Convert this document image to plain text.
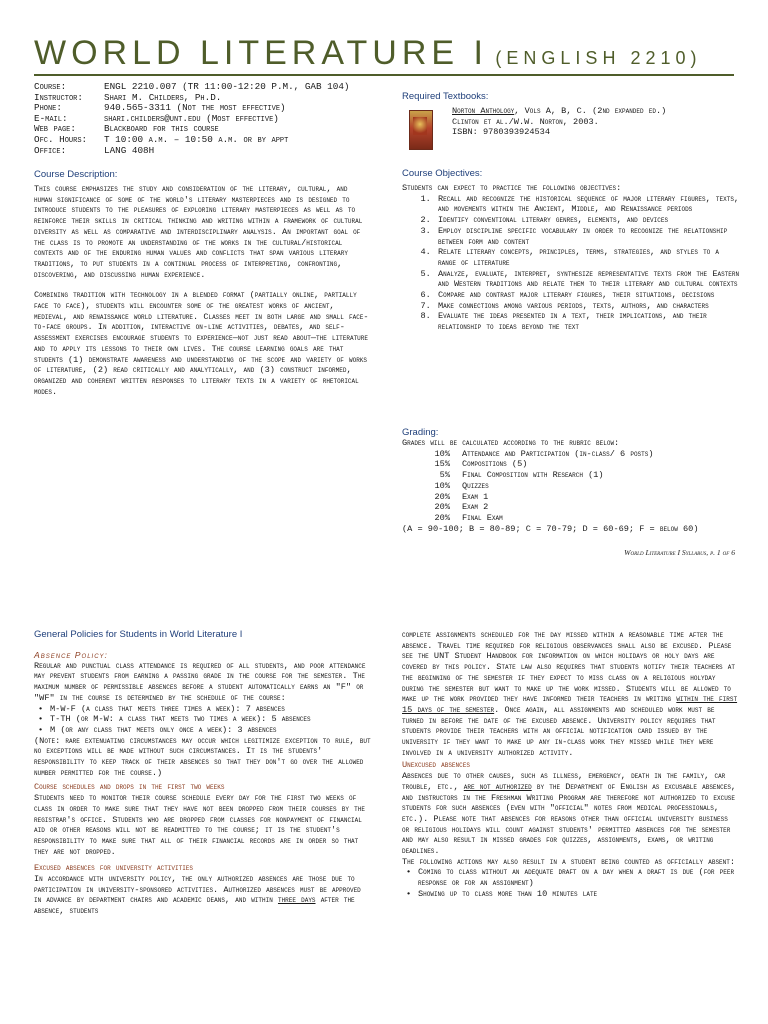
WORLD LITERATURE I (ENGLISH 2210)
Course:	ENGL 2210.007 (TR 11:00-12:20 P.M., GAB 104)
Instructor:	Shari M. Childers, Ph.D.
Phone:	940.565-3311 (Not the most effective)
E-mail:	shari.childers@unt.edu (Most effective)
Web page:	Blackboard for this course
Ofc. Hours:	T 10:00 a.m. – 10:50 a.m. or by appt
Office:	LANG 408H
Required Textbooks:
Norton Anthology, Vols A, B, C. (2nd expanded ed.)
Clinton et al./W.W. Norton, 2003.
ISBN: 9780393924534
Course Description:

This course emphasizes the study and consideration of the literary, cultural, and human significance of some of the world's literary masterpieces and is designed to introduce students to the pleasures of exploring literary masterpieces as well as to reinforce their skills in critical thinking and writing within a framework of cultural diversity as well as comparative and interdisciplinary analysis. An important goal of the class is to promote an understanding of the works in the cultural/historical contexts and of the enduring human values and conflicts that span various literary traditions, to put students in a continual process of interpreting, confronting, discovering, and discussing human experience.

Combining tradition with technology in a blended format (partially online, partially face to face), students will encounter some of the greatest works of ancient, medieval, and renaissance world literature. Classes meet in both large and small face-to-face groups. In addition, interactive on-line activities, debates, and self-assessment exercises encourage students to experience—not just read about—the literature and to apply its lessons to their own lives. The course learning goals are that students (1) demonstrate awareness and understanding of the scope and variety of works of literature, (2) read critically and analytically, and (3) construct informed, organized and coherent written responses to literary texts in a variety of rhetorical modes.

Course Objectives:
Students can expect to practice the following objectives:
1. Recall and recognize the historical sequence of major literary figures, texts, and movements within the Ancient, Middle, and Renaissance periods
2. Identify conventional literary genres, elements, and devices
3. Employ discipline specific vocabulary in order to recognize the relationship between form and content
4. Relate literary concepts, principles, terms, strategies, and styles to a range of literature
5. Analyze, evaluate, interpret, synthesize representative texts from the Eastern and Western traditions and relate them to their literary and cultural contexts
6. Compare and contrast major literary figures, their situations, decisions
7. Make connections among various periods, texts, authors, and characters
8. Evaluate the ideas presented in a text, their implications, and their relationship to ideas beyond the text
Grading:
Grades will be calculated according to the rubric below:
10% Attendance and Participation (in-class/ 6 posts)
15% Compositions (5)
5% Final Composition with Research (1)
10% Quizzes
20% Exam 1
20% Exam 2
20% Final Exam
(A = 90-100; B = 80-89; C = 70-79; D = 60-69; F = below 60)
World Literature I Syllabus, p. 1 of 6
General Policies for Students in World Literature I
Absence Policy:

Regular and punctual class attendance is required of all students, and poor attendance may prevent students from earning a passing grade in the course for the semester. The maximum number of permissible absences before a student automatically earns an "F" or "WF" in the course is determined by the schedule of the course:

• M-W-F (a class that meets three times a week): 7 absences
• T-TH (or M-W: a class that meets two times a week): 5 absences
• M (or any class that meets only once a week): 3 absences

(Note: rare extenuating circumstances may occur which legitimize exception to rule, but no exceptions will be made without such circumstances. It is the students' responsibility to keep track of their absences so that they don't go over the allowed number permitted for the course.)

Course schedules and drops in the first two weeks

Students need to monitor their course schedule every day for the first two weeks of class in order to make sure that they have not been dropped from their courses by the registrar's office. Students who are dropped from classes for nonpayment of financial aid or other reasons will not be readmitted to the course; it is the student's responsibility to make sure that all of their financial records are in order so that they are not dropped.

Excused absences for university activities

In accordance with university policy, the only authorized absences are those due to participation in university-sponsored activities. Authorized absences must be approved in advance by department chairs and academic deans, and within three days after the absence, students

complete assignments scheduled for the day missed within a reasonable time after the absence. Travel time required for religious observances shall also be excused. Please see the UNT Student Handbook for information on which holidays or holy days are covered by this policy. State law also requires that students notify their teachers at the beginning of the semester if they expect to miss class on a religious holyday during the semester but want to make up the work missed. Students will be allowed to make up the work provided they have informed their teachers in writing within the first 15 days of the semester. Once again, all assignments and scheduled work must be turned in before the date of the excused absence. University policy requires that students provide their teachers with an official notification card issued by the university if they want to make up any in-class work they missed while they were involved in a university authorized activity.

Unexcused absences

Absences due to other causes, such as illness, emergency, death in the family, car trouble, etc., are not authorized by the Department of English as excusable absences, and instructors in the Freshman Writing Program are therefore not authorized to excuse students for such absences (even with "official" notes from medical professionals, etc.). Please note that absences for reasons other than official university business or religious holidays will count against students' permitted absences for the semester and may also result in missed grades for quizzes, assignments, exams, or writing deadlines.

The following actions may also result in a student being counted as officially absent:

• Coming to class without an adequate draft on a day when a draft is due (for peer response or for an assignment)
• Showing up to class more than 10 minutes late
